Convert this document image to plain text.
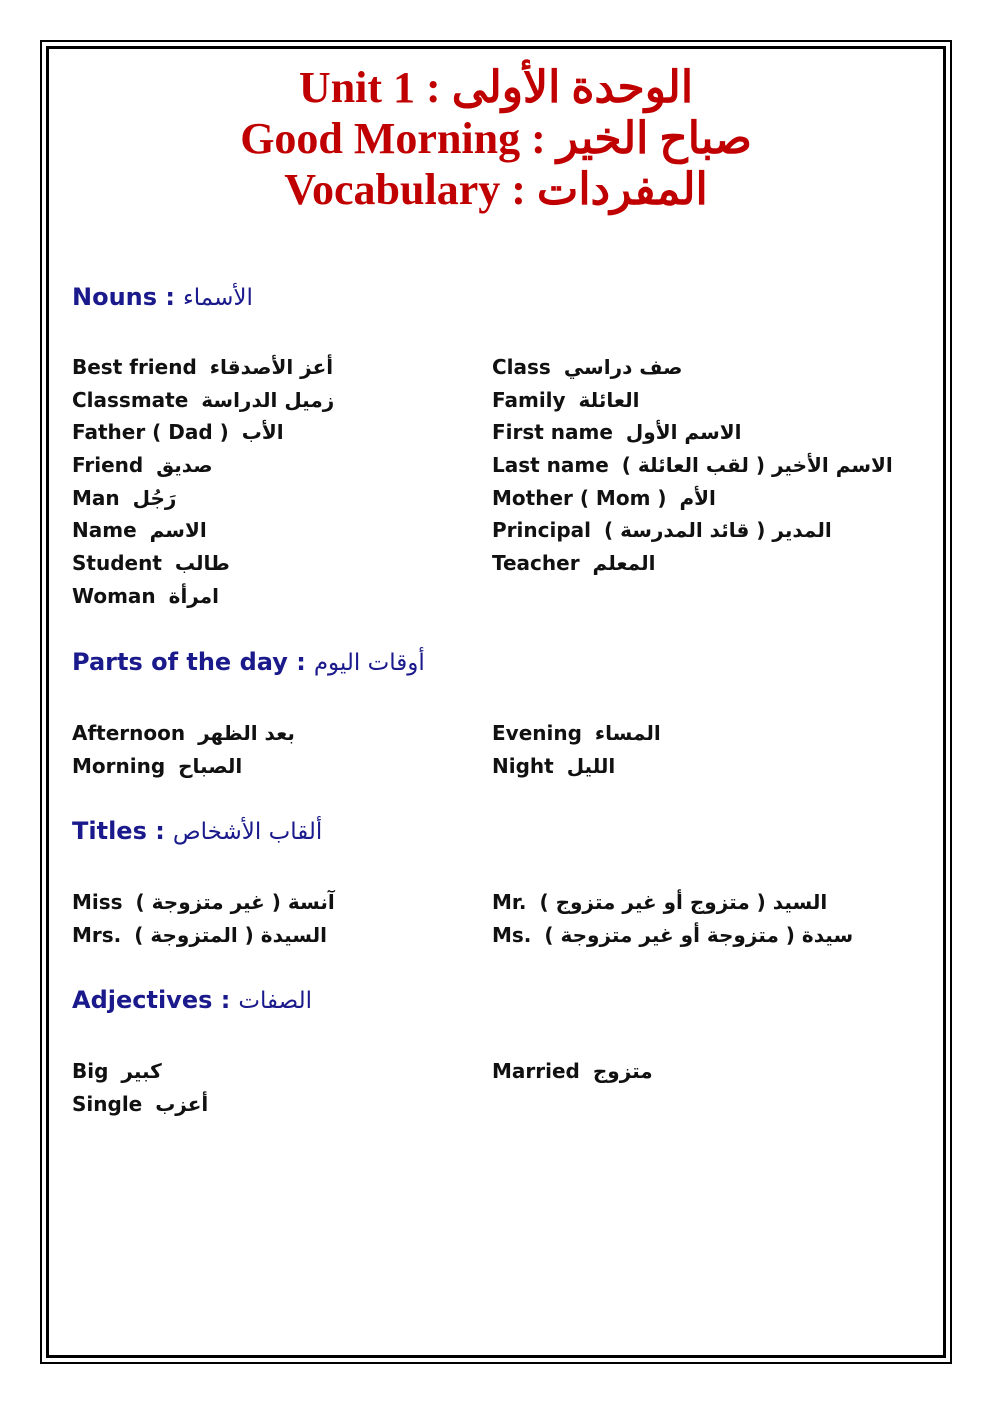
Unit 1 : الوحدة الأولى
Good Morning : صباح الخير
Vocabulary : المفردات
Nouns : الأسماء
Best friend أعز الأصدقاء
Classmate زميل الدراسة
Father ( Dad ) الأب
Friend صديق
Man رَجُل
Name الاسم
Student طالب
Woman امرأة
Class صف دراسي
Family العائلة
First name الاسم الأول
Last name الاسم الأخير ( لقب العائلة )
Mother ( Mom ) الأم
Principal المدير ( قائد المدرسة )
Teacher المعلم
Parts of the day : أوقات اليوم
Afternoon بعد الظهر
Morning الصباح
Evening المساء
Night الليل
Titles : ألقاب الأشخاص
Miss آنسة ( غير متزوجة )
Mrs. السيدة ( المتزوجة )
Mr. السيد ( متزوج أو غير متزوج )
Ms. سيدة ( متزوجة أو غير متزوجة )
Adjectives : الصفات
Big كبير
Single أعزب
Married متزوج
